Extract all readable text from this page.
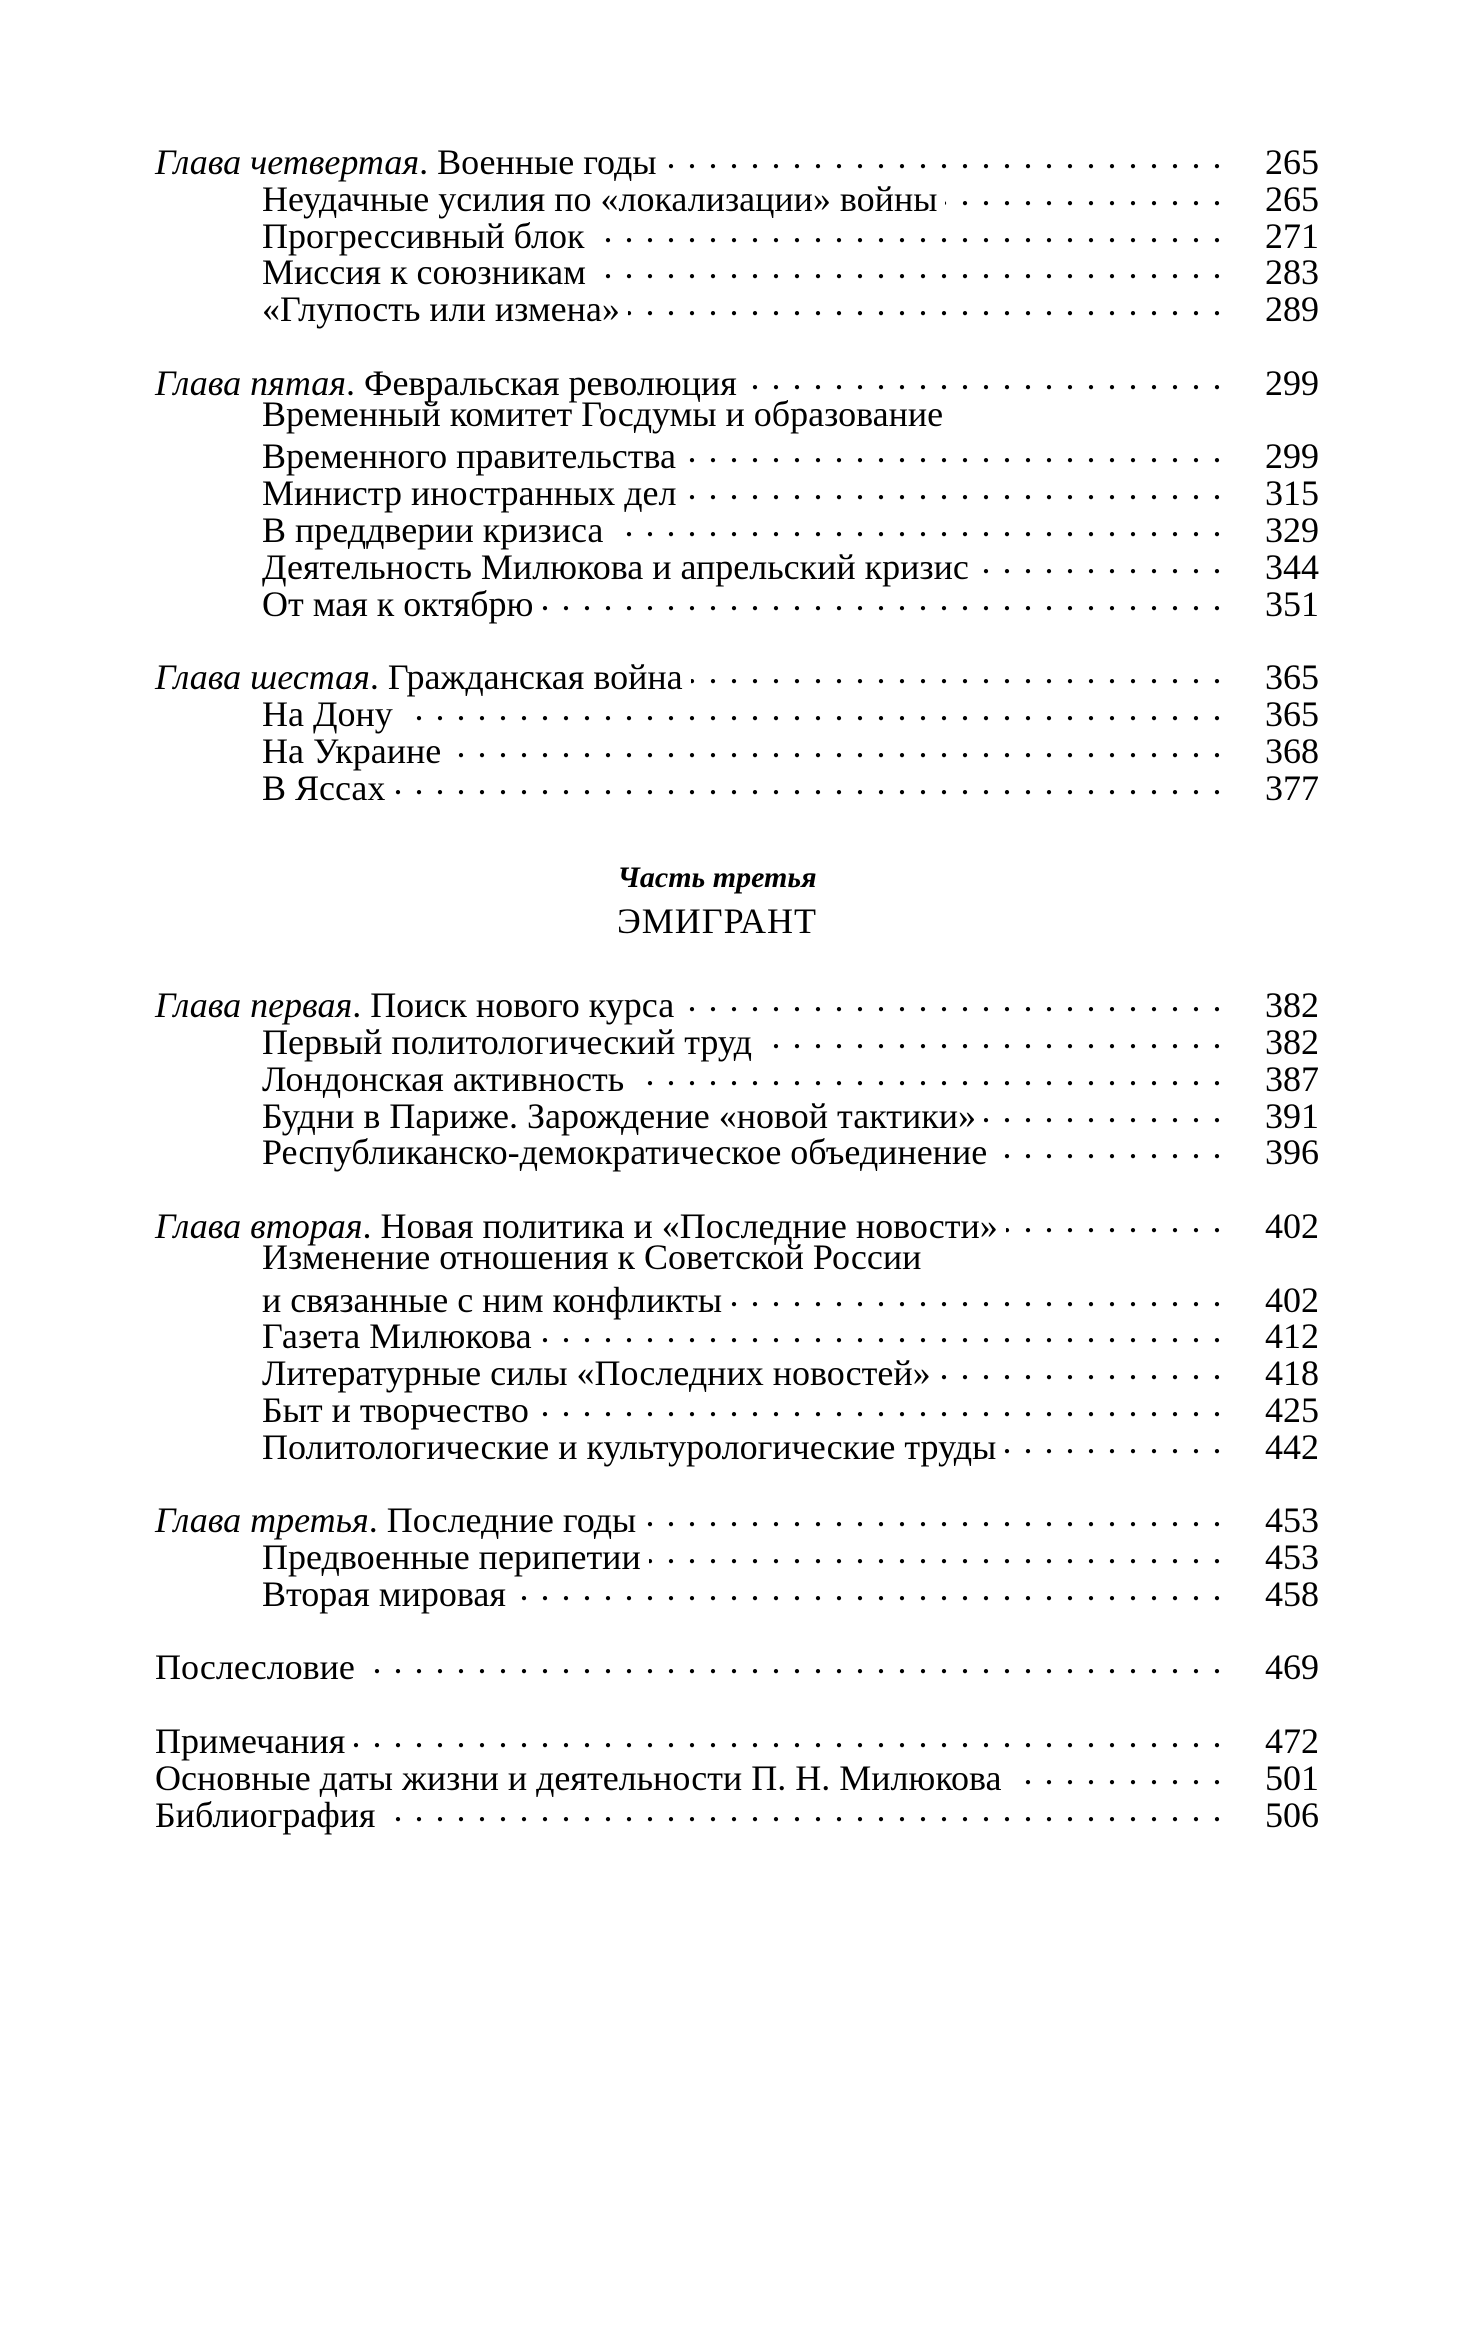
Глава четвертая. Военные годы . . .	265
Неудачные усилия по «локализации» войны . . .	265
Прогрессивный блок . . .	271
Миссия к союзникам . . .	283
«Глупость или измена» . . .	289
Глава пятая. Февральская революция . . .	299
Временный комитет Госдумы и образование
Временного правительства . . .	299
Министр иностранных дел . . .	315
В преддверии кризиса . . .	329
Деятельность Милюкова и апрельский кризис . . .	344
От мая к октябрю . . .	351
Глава шестая. Гражданская война . . .	365
На Дону . . .	365
На Украине . . .	368
В Яссах . . .	377
Часть третья
ЭМИГРАНТ
Глава первая. Поиск нового курса . . .	382
Первый политологический труд . . .	382
Лондонская активность . . .	387
Будни в Париже. Зарождение «новой тактики» . . .	391
Республиканско-демократическое объединение . . .	396
Глава вторая. Новая политика и «Последние новости» . . .	402
Изменение отношения к Советской России
и связанные с ним конфликты . . .	402
Газета Милюкова . . .	412
Литературные силы «Последних новостей» . . .	418
Быт и творчество . . .	425
Политологические и культурологические труды . . .	442
Глава третья. Последние годы . . .	453
Предвоенные перипетии . . .	453
Вторая мировая . . .	458
Послесловие . . .	469
Примечания . . .	472
Основные даты жизни и деятельности П. Н. Милюкова . . .	501
Библиография . . .	506
